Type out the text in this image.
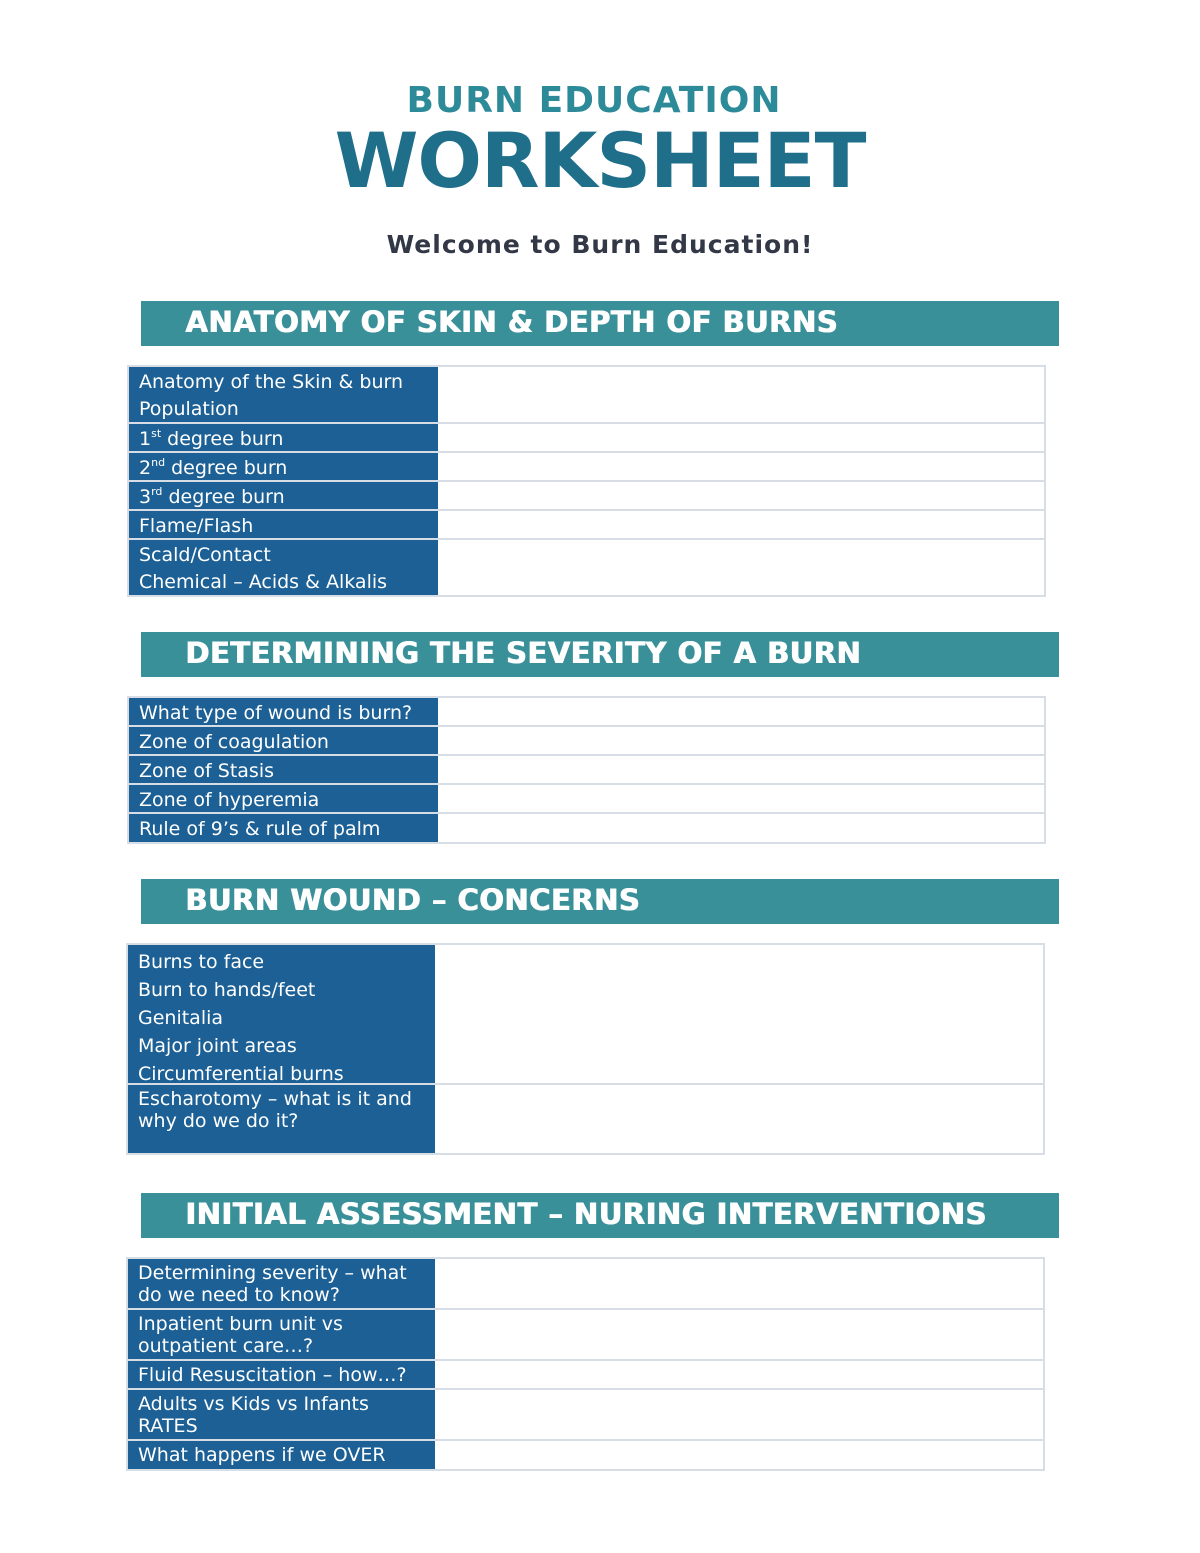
BURN EDUCATION
WORKSHEET
Welcome to Burn Education!
ANATOMY OF SKIN & DEPTH OF BURNS
Anatomy of the Skin & burn
Population
1st degree burn
2nd degree burn
3rd degree burn
Flame/Flash
Scald/Contact
Chemical – Acids & Alkalis
DETERMINING THE SEVERITY OF A BURN
What type of wound is burn?
Zone of coagulation
Zone of Stasis
Zone of hyperemia
Rule of 9’s & rule of palm
BURN WOUND – CONCERNS
Burns to face
Burn to hands/feet
Genitalia
Major joint areas
Circumferential burns
Escharotomy – what is it and
why do we do it?
INITIAL ASSESSMENT – NURING INTERVENTIONS
Determining severity – what
do we need to know?
Inpatient burn unit vs
outpatient care…?
Fluid Resuscitation – how…?
Adults vs Kids vs Infants
RATES
What happens if we OVER
